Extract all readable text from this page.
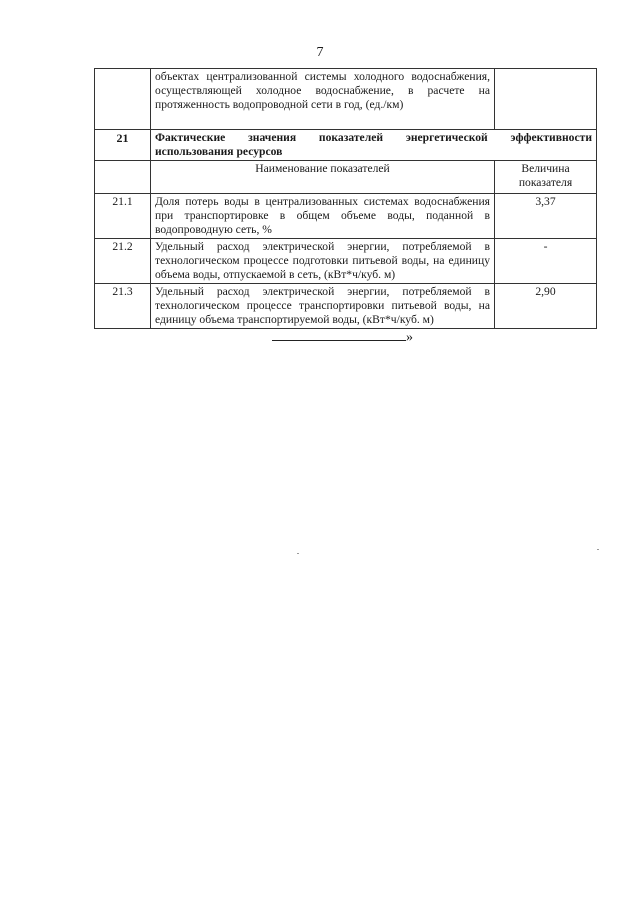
7
	объектах централизованной системы холодного водоснабжения, осуществляющей холодное водоснабжение, в расчете на протяженность водопроводной сети в год, (ед./км)	
21	Фактические значения показателей энергетической эффективности использования ресурсов	
	Наименование показателей	Величина показателя
21.1	Доля потерь воды в централизованных системах водоснабжения при транспортировке в общем объеме воды, поданной в водопроводную сеть, %	3,37
21.2	Удельный расход электрической энергии, потребляемой в технологическом процессе подготовки питьевой воды, на единицу объема воды, отпускаемой в сеть, (кВт*ч/куб. м)	-
21.3	Удельный расход электрической энергии, потребляемой в технологическом процессе транспортировки питьевой воды, на единицу объема транспортируемой воды, (кВт*ч/куб. м)	2,90
»
